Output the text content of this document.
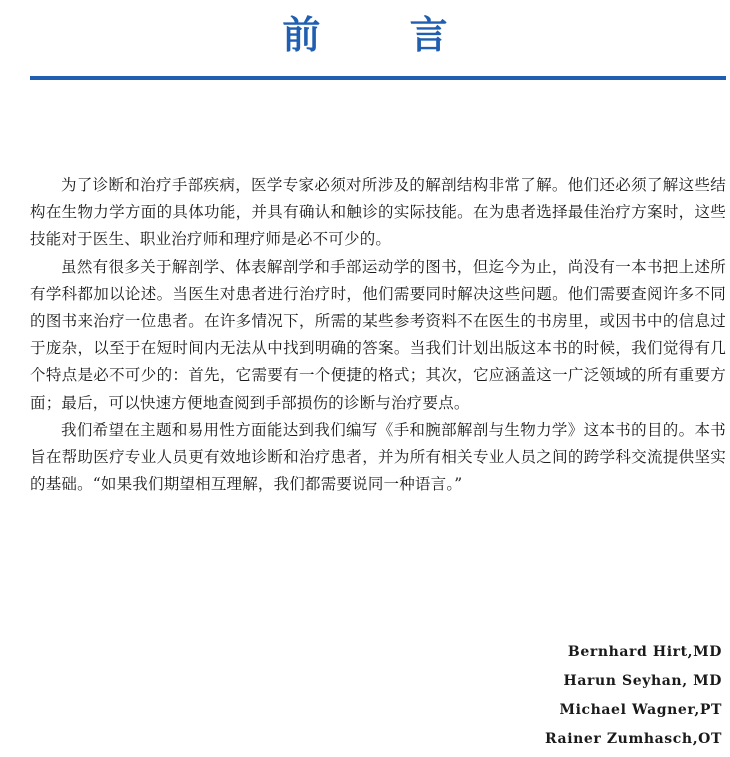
前 言

为了诊断和治疗手部疾病，医学专家必须对所涉及的解剖结构非常了解。他们还必须了解这些结构在生物力学方面的具体功能，并具有确认和触诊的实际技能。在为患者选择最佳治疗方案时，这些技能对于医生、职业治疗师和理疗师是必不可少的。

虽然有很多关于解剖学、体表解剖学和手部运动学的图书，但迄今为止，尚没有一本书把上述所有学科都加以论述。当医生对患者进行治疗时，他们需要同时解决这些问题。他们需要查阅许多不同的图书来治疗一位患者。在许多情况下，所需的某些参考资料不在医生的书房里，或因书中的信息过于庞杂，以至于在短时间内无法从中找到明确的答案。当我们计划出版这本书的时候，我们觉得有几个特点是必不可少的：首先，它需要有一个便捷的格式；其次，它应涵盖这一广泛领域的所有重要方面；最后，可以快速方便地查阅到手部损伤的诊断与治疗要点。

我们希望在主题和易用性方面能达到我们编写《手和腕部解剖与生物力学》这本书的目的。本书旨在帮助医疗专业人员更有效地诊断和治疗患者，并为所有相关专业人员之间的跨学科交流提供坚实的基础。“如果我们期望相互理解，我们都需要说同一种语言。”

Bernhard Hirt,MD
Harun Seyhan, MD
Michael Wagner,PT
Rainer Zumhasch,OT
